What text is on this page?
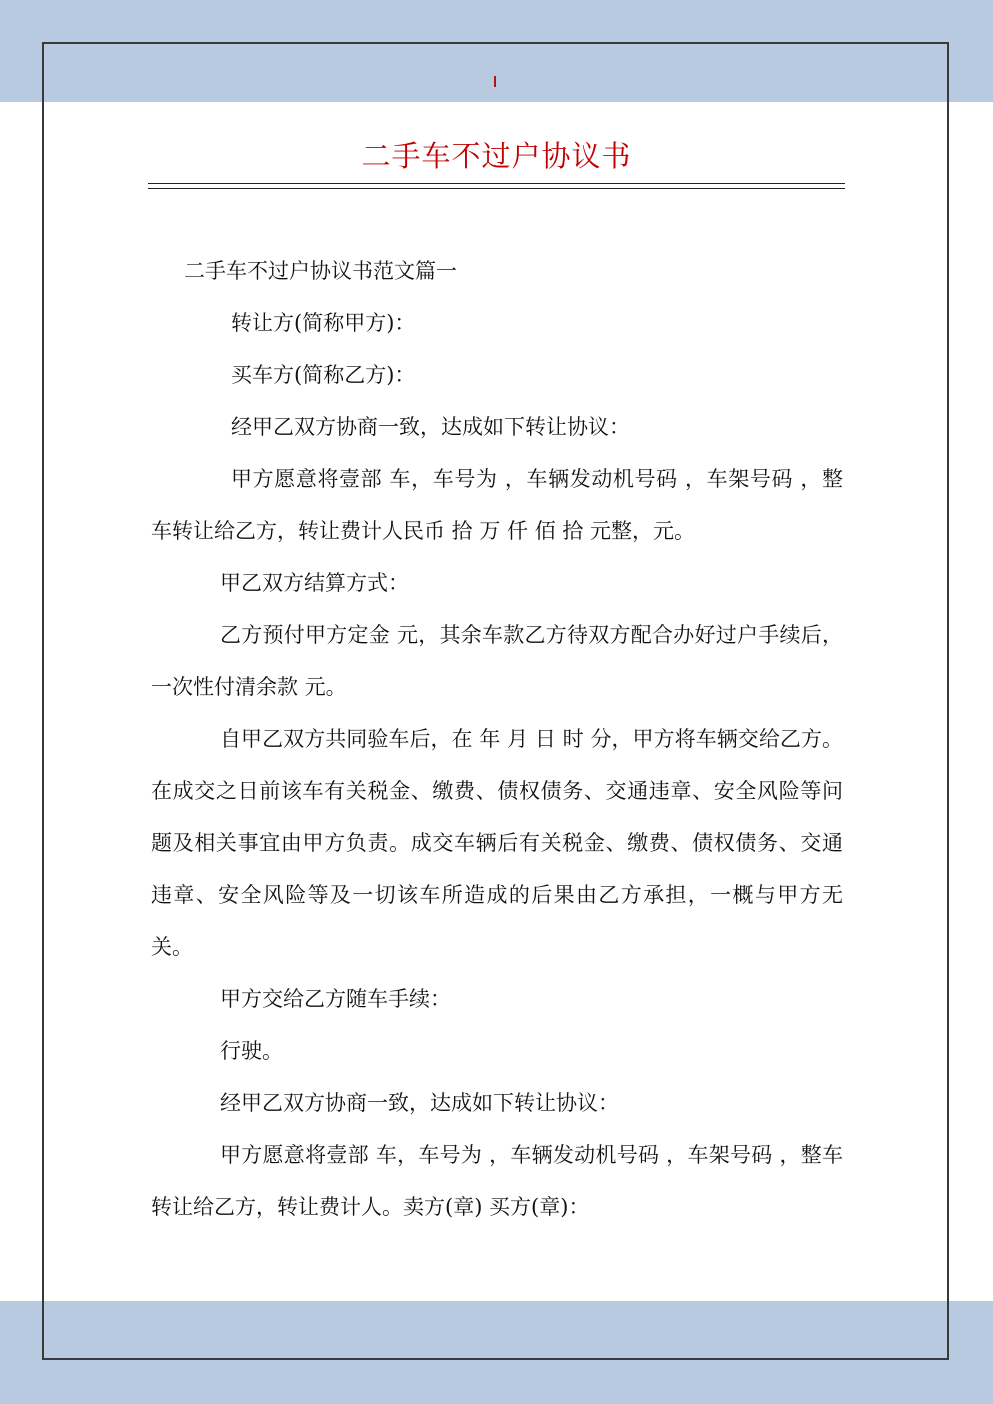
二手车不过户协议书

二手车不过户协议书范文篇一

转让方(简称甲方)：

买车方(简称乙方)：

经甲乙双方协商一致，达成如下转让协议：

甲方愿意将壹部 车，车号为 ，车辆发动机号码 ，车架号码 ，整车转让给乙方，转让费计人民币 拾 万 仟 佰 拾 元整，元。

甲乙双方结算方式：

乙方预付甲方定金 元，其余车款乙方待双方配合办好过户手续后，一次性付清余款 元。

自甲乙双方共同验车后，在 年 月 日 时 分，甲方将车辆交给乙方。在成交之日前该车有关税金、缴费、债权债务、交通违章、安全风险等问题及相关事宜由甲方负责。成交车辆后有关税金、缴费、债权债务、交通违章、安全风险等及一切该车所造成的后果由乙方承担，一概与甲方无关。

甲方交给乙方随车手续：

行驶。

经甲乙双方协商一致，达成如下转让协议：

甲方愿意将壹部 车，车号为 ，车辆发动机号码 ，车架号码 ，整车转让给乙方，转让费计人。卖方(章) 买方(章)：
